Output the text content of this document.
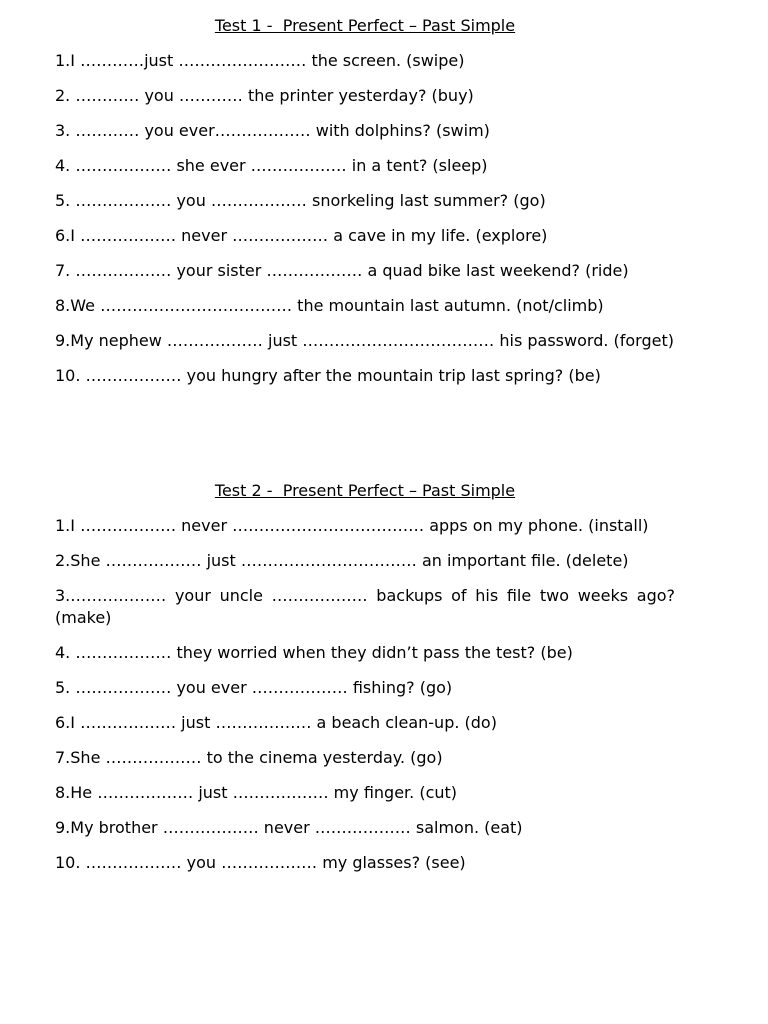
Test 1 -  Present Perfect – Past Simple
1.I …………just …………………… the screen. (swipe)
2. ………… you ………… the printer yesterday? (buy)
3. ………… you ever……………… with dolphins? (swim)
4. ……………… she ever ……………… in a tent? (sleep)
5. ……………… you ……………… snorkeling last summer? (go)
6.I ……………… never ……………… a cave in my life. (explore)
7. ……………… your sister ……………… a quad bike last weekend? (ride)
8.We ……………………………… the mountain last autumn. (not/climb)
9.My nephew ……………… just ……………………………… his password. (forget)
10. ……………… you hungry after the mountain trip last spring? (be)
Test 2 -  Present Perfect – Past Simple
1.I ……………… never ……………………………… apps on my phone. (install)
2.She ……………… just …………………………… an important file. (delete)
3.……………… your uncle ……………… backups of his file two weeks ago? (make)
4. ……………… they worried when they didn’t pass the test? (be)
5. ……………… you ever ……………… fishing? (go)
6.I ……………… just ……………… a beach clean-up. (do)
7.She ……………… to the cinema yesterday. (go)
8.He ……………… just ……………… my finger. (cut)
9.My brother ……………… never ……………… salmon. (eat)
10. ……………… you ……………… my glasses? (see)
